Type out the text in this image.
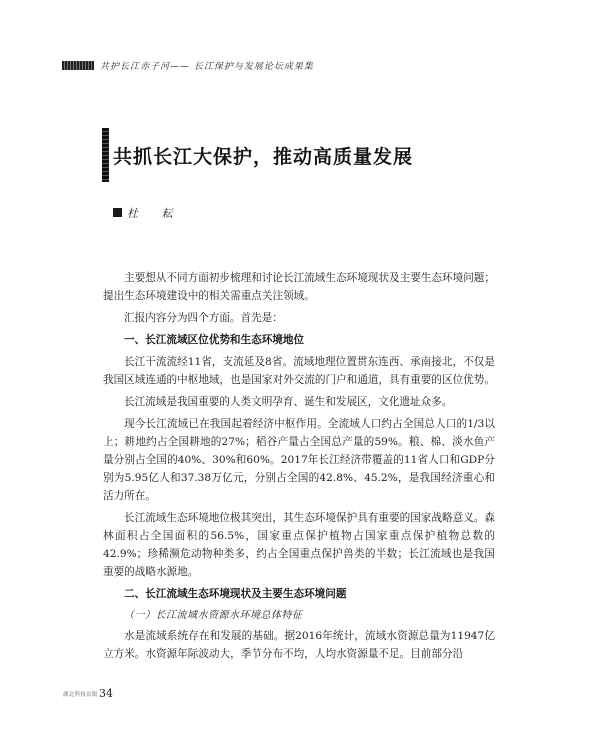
共护长江赤子河—— 长江保护与发展论坛成果集
共抓长江大保护，推动高质量发展
杜 耘

主要想从不同方面初步梳理和讨论长江流域生态环境现状及主要生态环境问题；提出生态环境建设中的相关需重点关注领域。

汇报内容分为四个方面。首先是：

一、长江流域区位优势和生态环境地位

长江干流流经11省，支流延及8省。流域地理位置贯东连西、承南接北，不仅是我国区域连通的中枢地域，也是国家对外交流的门户和通道，具有重要的区位优势。

长江流域是我国重要的人类文明孕育、诞生和发展区，文化遗址众多。

现今长江流域已在我国起着经济中枢作用。全流域人口约占全国总人口的1/3以上；耕地约占全国耕地的27%；稻谷产量占全国总产量的59%。粮、棉、淡水鱼产量分别占全国的40%、30%和60%。2017年长江经济带覆盖的11省人口和GDP分别为5.95亿人和37.38万亿元，分别占全国的42.8%、45.2%，是我国经济重心和活力所在。

长江流域生态环境地位极其突出，其生态环境保护具有重要的国家战略意义。森林面积占全国面积的56.5%，国家重点保护植物占国家重点保护植物总数的42.9%；珍稀濒危动物种类多，约占全国重点保护兽类的半数；长江流域也是我国重要的战略水源地。

二、长江流域生态环境现状及主要生态环境问题

（一）长江流域水资源水环境总体特征

水是流域系统存在和发展的基础。据2016年统计，流域水资源总量为11947亿立方米。水资源年际波动大，季节分布不均，人均水资源量不足。目前部分沿

湖北科技出版 34
